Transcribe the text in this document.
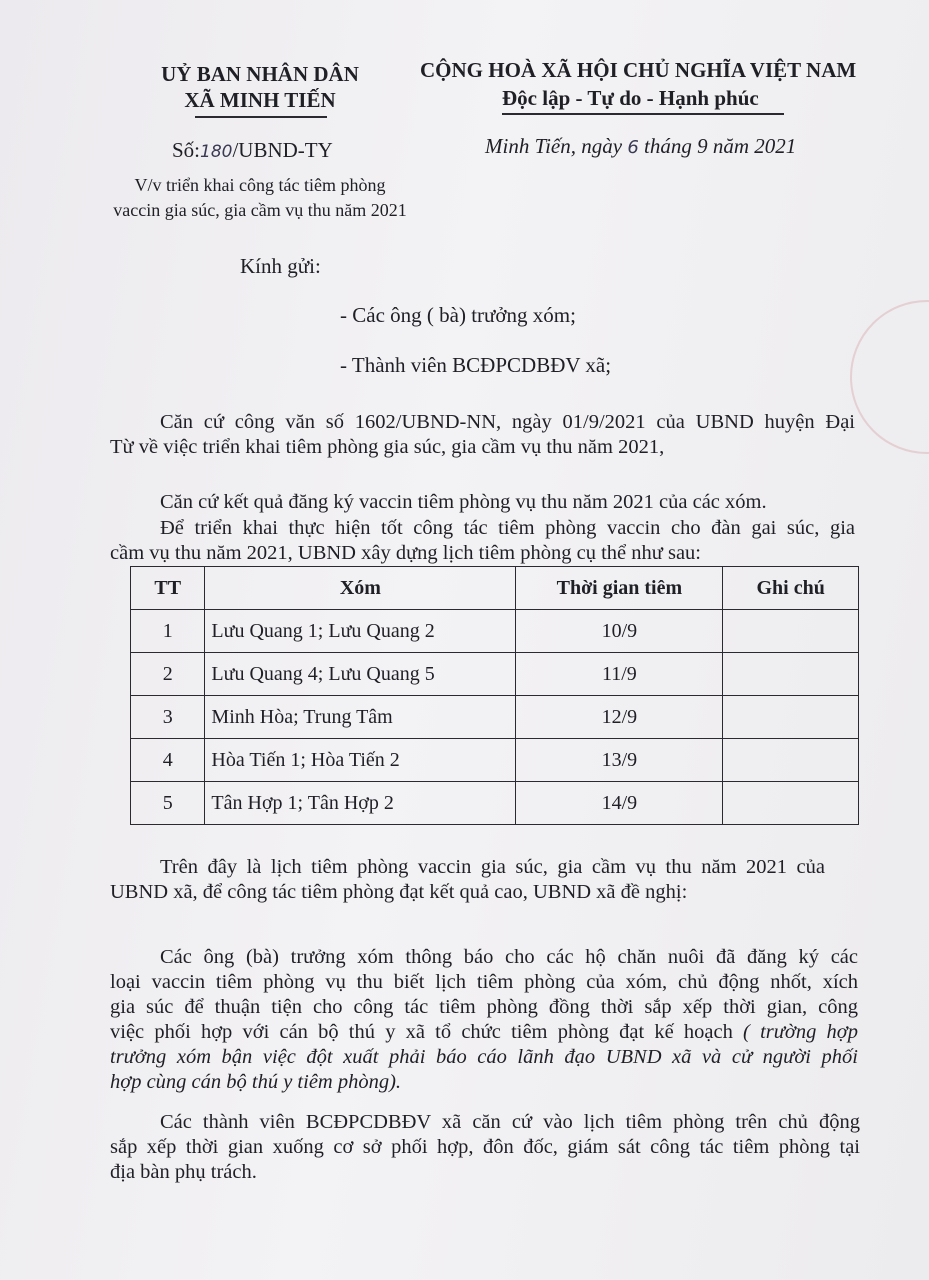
UỶ BAN NHÂN DÂN
XÃ MINH TIẾN
CỘNG HOÀ XÃ HỘI CHỦ NGHĨA VIỆT NAM
Độc lập - Tự do - Hạnh phúc
Số:180/UBND-TY	Minh Tiến, ngày 6 tháng 9 năm 2021
V/v triển khai công tác tiêm phòng
vaccin gia súc, gia cầm vụ thu năm 2021
Kính gửi:
- Các ông ( bà) trưởng xóm;
- Thành viên BCĐPCDBĐV xã;
Căn cứ công văn số 1602/UBND-NN, ngày 01/9/2021 của UBND huyện Đại
Từ về việc triển khai tiêm phòng gia súc, gia cầm vụ thu năm 2021,
Căn cứ kết quả đăng ký vaccin tiêm phòng vụ thu năm 2021 của các xóm.
Để triển khai thực hiện tốt công tác tiêm phòng vaccin cho đàn gai súc, gia
cầm vụ thu năm 2021, UBND xây dựng lịch tiêm phòng cụ thể như sau:
TT	Xóm	Thời gian tiêm	Ghi chú
1	Lưu Quang 1; Lưu Quang 2	10/9	
2	Lưu Quang 4; Lưu Quang 5	11/9	
3	Minh Hòa; Trung Tâm	12/9	
4	Hòa Tiến 1; Hòa Tiến 2	13/9	
5	Tân Hợp 1; Tân Hợp 2	14/9	
Trên đây là lịch tiêm phòng vaccin gia súc, gia cầm vụ thu năm 2021 của
UBND xã, để công tác tiêm phòng đạt kết quả cao, UBND xã đề nghị:
Các ông (bà) trưởng xóm thông báo cho các hộ chăn nuôi đã đăng ký các
loại vaccin tiêm phòng vụ thu biết lịch tiêm phòng của xóm, chủ động nhốt, xích
gia súc để thuận tiện cho công tác tiêm phòng đồng thời sắp xếp thời gian, công
việc phối hợp với cán bộ thú y xã tổ chức tiêm phòng đạt kế hoạch ( trường hợp
trưởng xóm bận việc đột xuất phải báo cáo lãnh đạo UBND xã và cử người phối
hợp cùng cán bộ thú y tiêm phòng).
Các thành viên BCĐPCDBĐV xã căn cứ vào lịch tiêm phòng trên chủ động
sắp xếp thời gian xuống cơ sở phối hợp, đôn đốc, giám sát công tác tiêm phòng tại
địa bàn phụ trách.
